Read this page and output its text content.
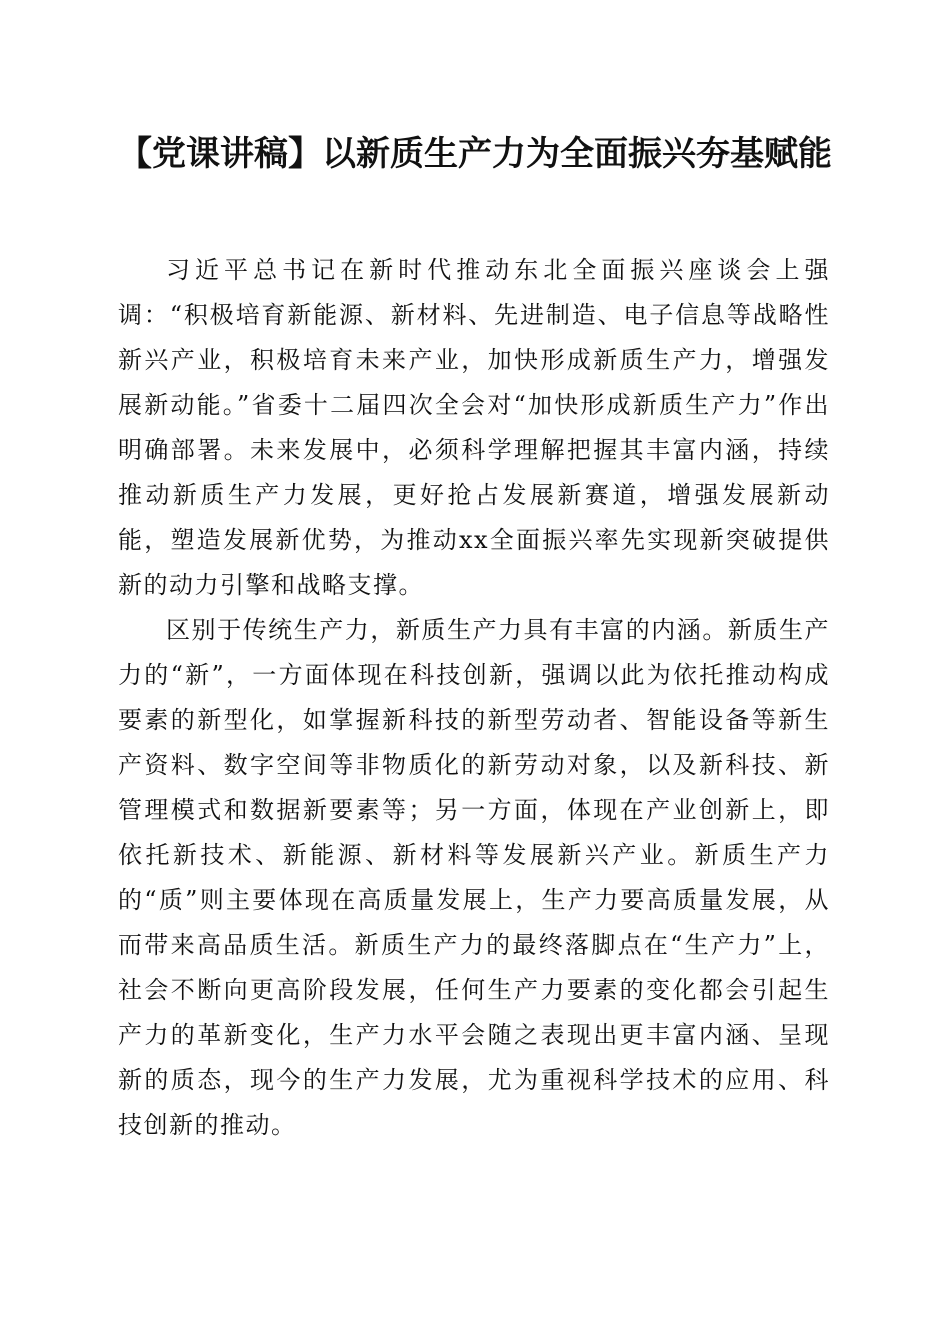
【党课讲稿】以新质生产力为全面振兴夯基赋能

习近平总书记在新时代推动东北全面振兴座谈会上强调：“积极培育新能源、新材料、先进制造、电子信息等战略性新兴产业，积极培育未来产业，加快形成新质生产力，增强发展新动能。”省委十二届四次全会对“加快形成新质生产力”作出明确部署。未来发展中，必须科学理解把握其丰富内涵，持续推动新质生产力发展，更好抢占发展新赛道，增强发展新动能，塑造发展新优势，为推动xx全面振兴率先实现新突破提供新的动力引擎和战略支撑。

区别于传统生产力，新质生产力具有丰富的内涵。新质生产力的“新”，一方面体现在科技创新，强调以此为依托推动构成要素的新型化，如掌握新科技的新型劳动者、智能设备等新生产资料、数字空间等非物质化的新劳动对象，以及新科技、新管理模式和数据新要素等；另一方面，体现在产业创新上，即依托新技术、新能源、新材料等发展新兴产业。新质生产力的“质”则主要体现在高质量发展上，生产力要高质量发展，从而带来高品质生活。新质生产力的最终落脚点在“生产力”上，社会不断向更高阶段发展，任何生产力要素的变化都会引起生产力的革新变化，生产力水平会随之表现出更丰富内涵、呈现新的质态，现今的生产力发展，尤为重视科学技术的应用、科技创新的推动。
